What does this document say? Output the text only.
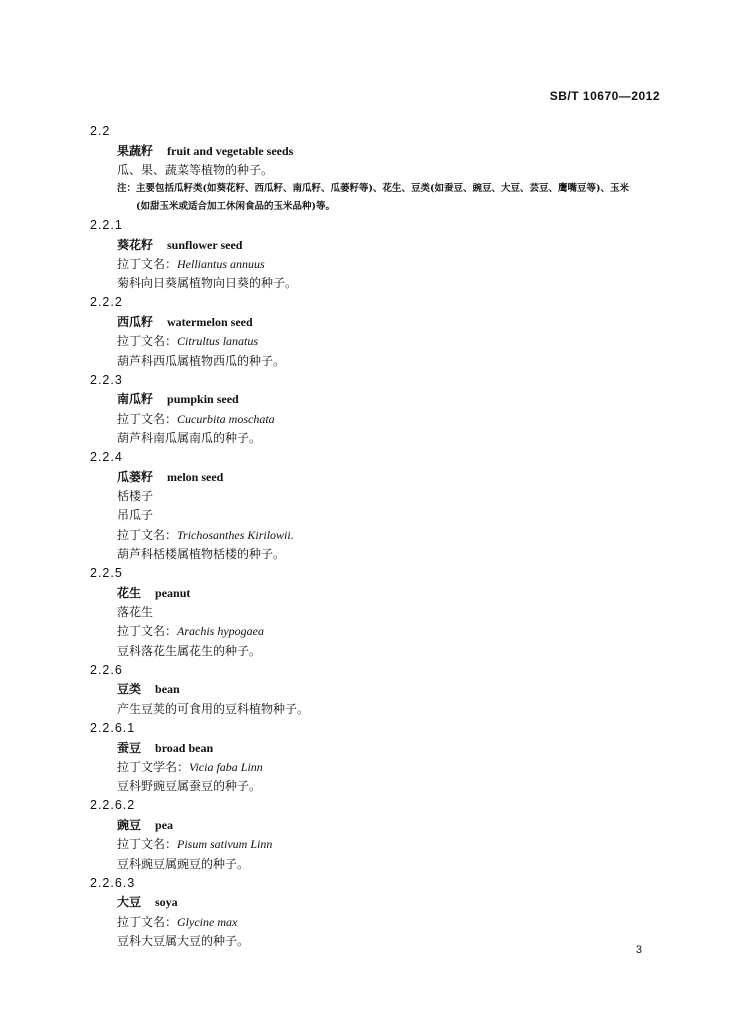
SB/T 10670—2012
2.2
果蔬籽 fruit and vegetable seeds
瓜、果、蔬菜等植物的种子。
注：主要包括瓜籽类(如葵花籽、西瓜籽、南瓜籽、瓜蒌籽等)、花生、豆类(如蚕豆、豌豆、大豆、芸豆、鹰嘴豆等)、玉米
(如甜玉米或适合加工休闲食品的玉米品种)等。
2.2.1
葵花籽 sunflower seed
拉丁文名：Helliantus annuus
菊科向日葵属植物向日葵的种子。
2.2.2
西瓜籽 watermelon seed
拉丁文名：Citrultus lanatus
葫芦科西瓜属植物西瓜的种子。
2.2.3
南瓜籽 pumpkin seed
拉丁文名：Cucurbita moschata
葫芦科南瓜属南瓜的种子。
2.2.4
瓜蒌籽 melon seed
栝楼子
吊瓜子
拉丁文名：Trichosanthes Kirilowii.
葫芦科栝楼属植物栝楼的种子。
2.2.5
花生 peanut
落花生
拉丁文名：Arachis hypogaea
豆科落花生属花生的种子。
2.2.6
豆类 bean
产生豆荚的可食用的豆科植物种子。
2.2.6.1
蚕豆 broad bean
拉丁文学名：Vicia faba Linn
豆科野豌豆属蚕豆的种子。
2.2.6.2
豌豆 pea
拉丁文名：Pisum sativum Linn
豆科豌豆属豌豆的种子。
2.2.6.3
大豆 soya
拉丁文名：Glycine max
豆科大豆属大豆的种子。
3
